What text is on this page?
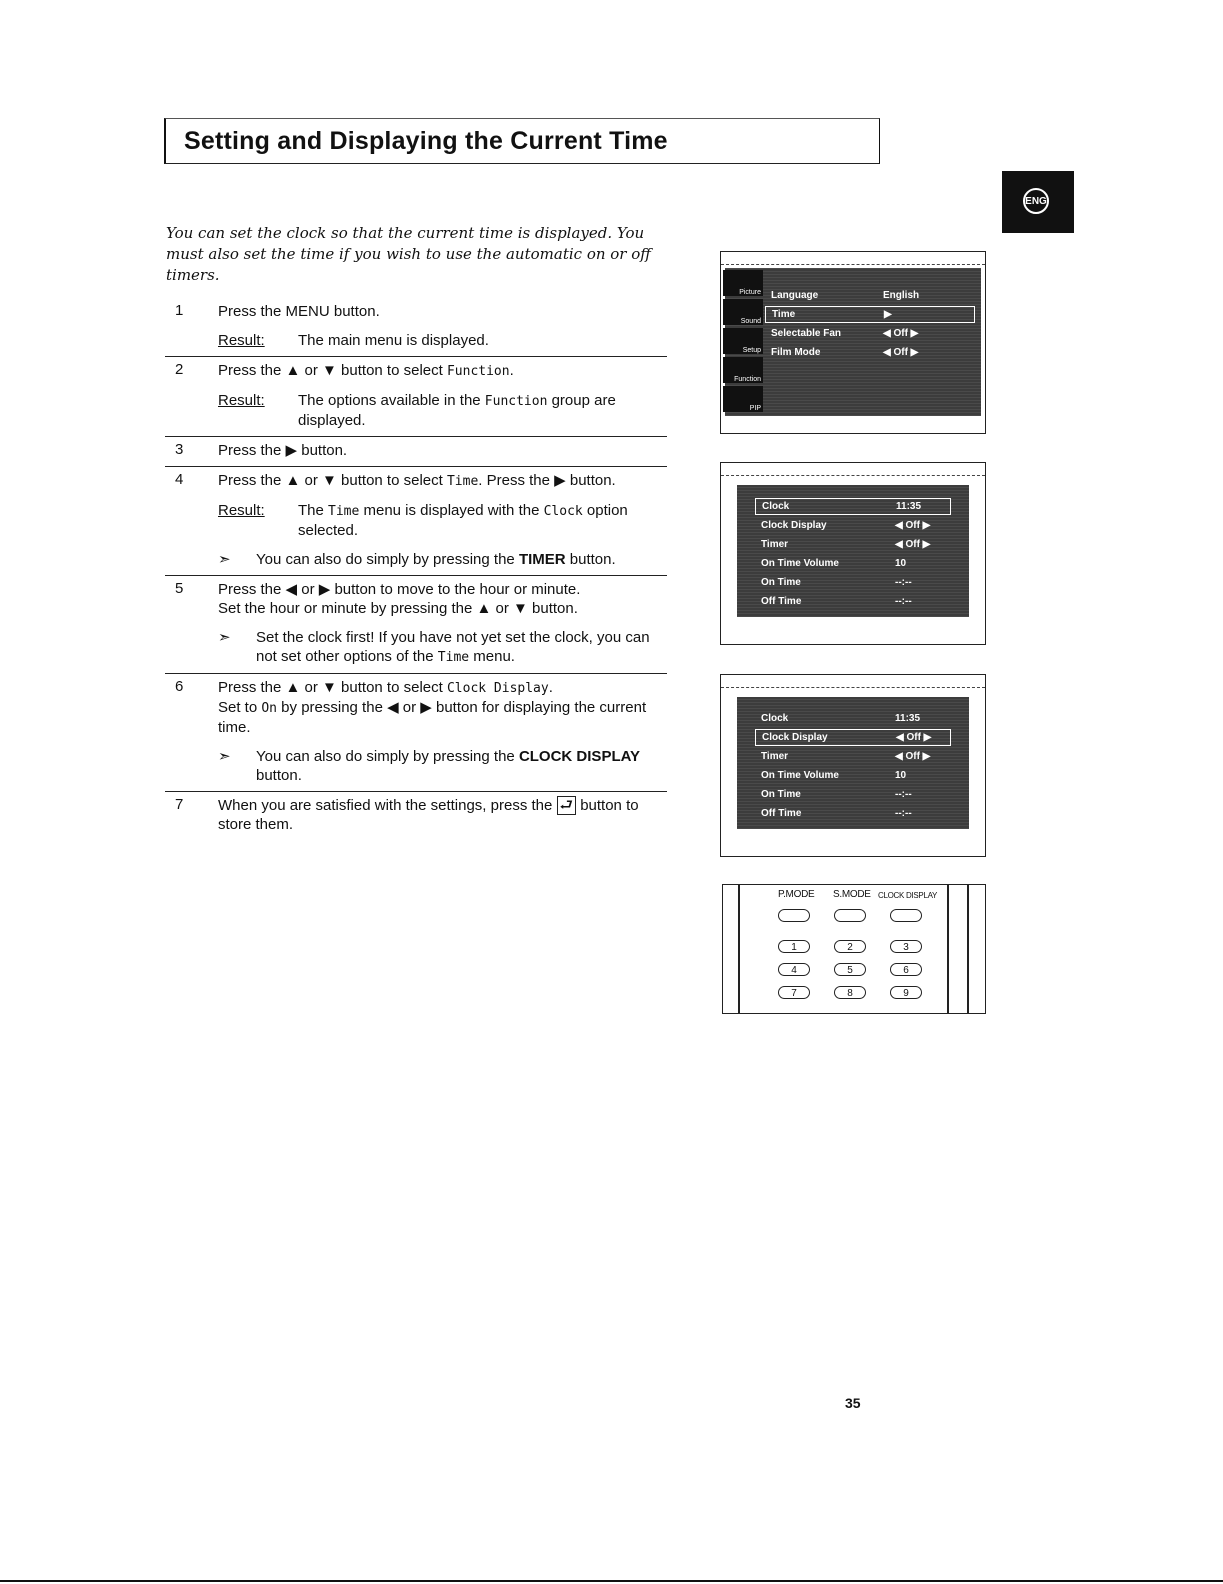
Setting and Displaying the Current Time
ENG
You can set the clock so that the current time is displayed. You must also set the time if you wish to use the automatic on or off timers.
1	Press the MENU button.
Result:	The main menu is displayed.
2	Press the ▲ or ▼ button to select Function.
Result:	The options available in the Function group are displayed.
3	Press the ▶ button.
4	Press the ▲ or ▼ button to select Time. Press the ▶ button.
Result:	The Time menu is displayed with the Clock option selected.
➣	You can also do simply by pressing the TIMER button.
5	Press the ◀ or ▶ button to move to the hour or minute.
Set the hour or minute by pressing the ▲ or ▼ button.
➣	Set the clock first! If you have not yet set the clock, you can not set other options of the Time menu.
6	Press the ▲ or ▼ button to select Clock Display.
Set to On by pressing the ◀ or ▶ button for displaying the current time.
➣	You can also do simply by pressing the CLOCK DISPLAY button.
7	When you are satisfied with the settings, press the ⮐ button to store them.
Picture
Sound
Setup
Function
PIP
Language	English
Time	▶
Selectable Fan	◀ Off ▶
Film Mode	◀ Off ▶
Clock	11:35
Clock Display	◀ Off ▶
Timer	◀ Off ▶
On Time Volume	10
On Time	--:--
Off Time	--:--
Clock	11:35
Clock Display	◀ Off ▶
Timer	◀ Off ▶
On Time Volume	10
On Time	--:--
Off Time	--:--
P.MODE S.MODE CLOCK DISPLAY
1	2	3
4	5	6
7	8	9
35
